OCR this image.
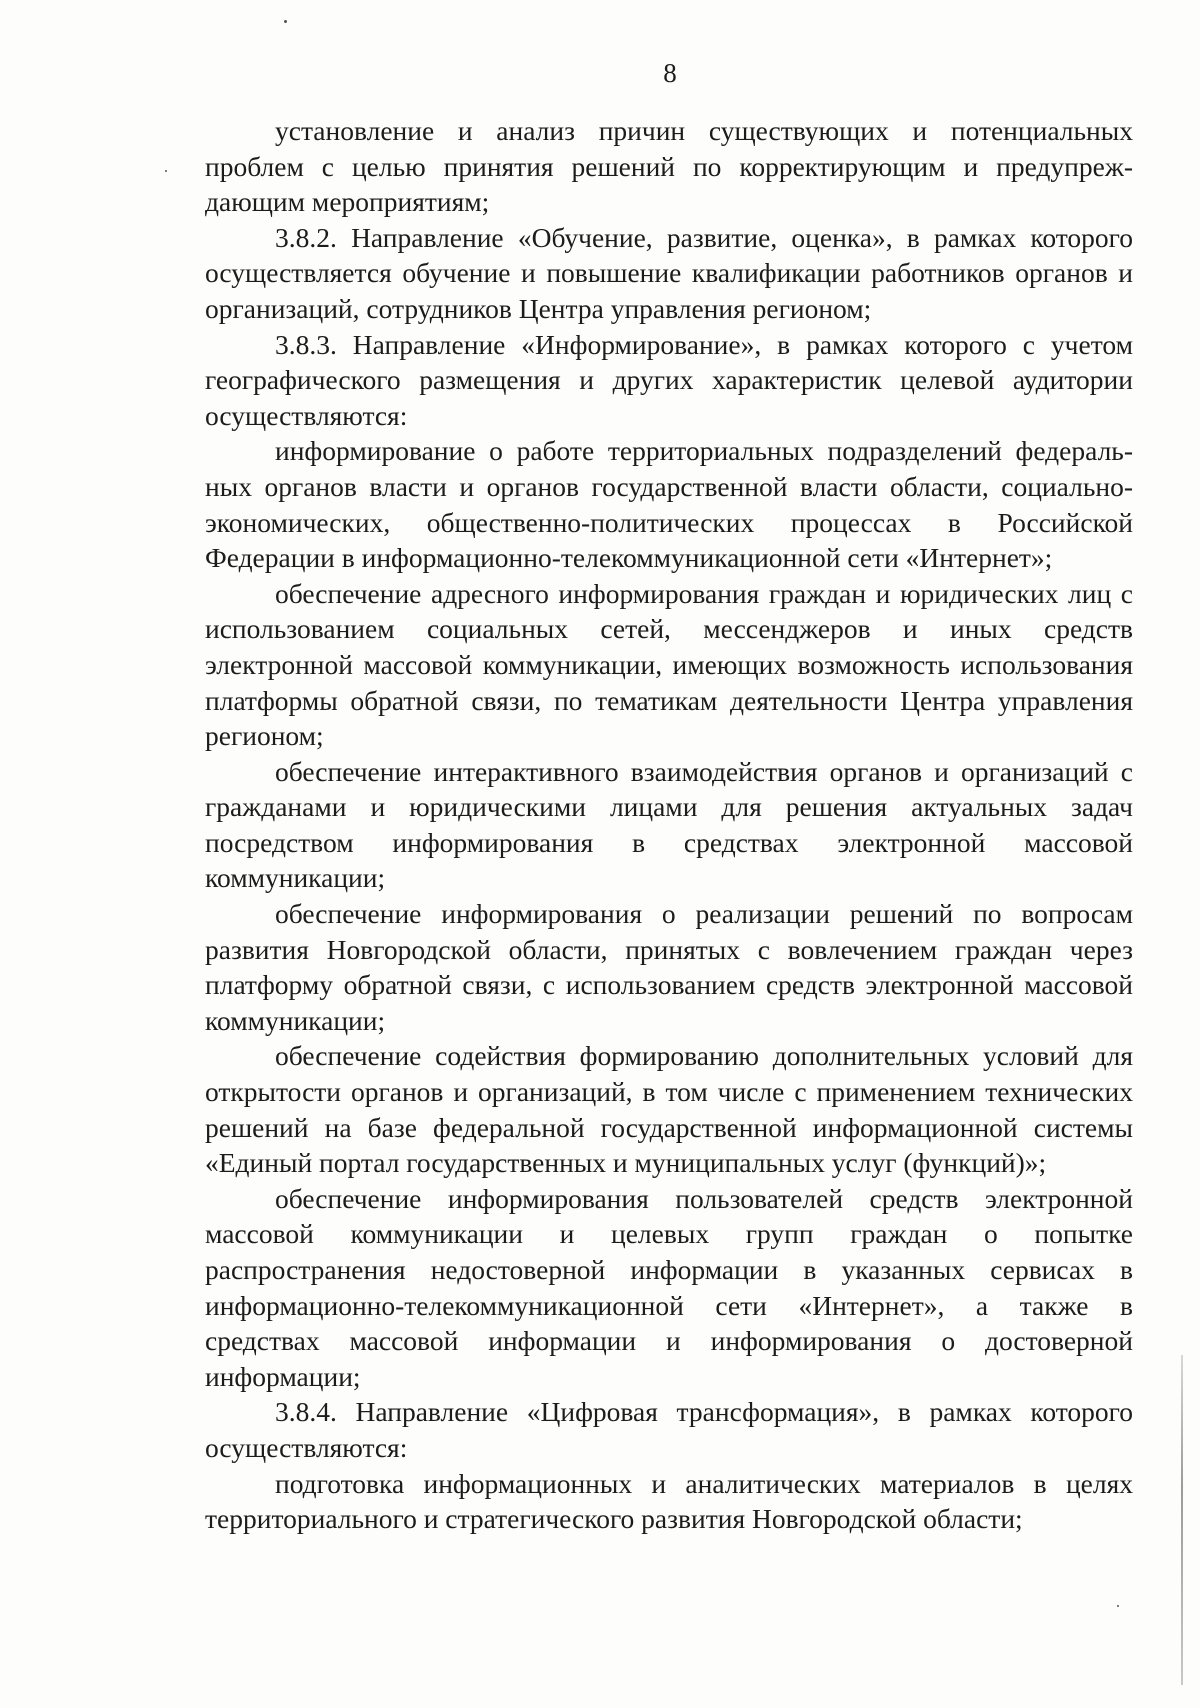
8
установление и анализ причин существующих и потенциальных
проблем с целью принятия решений по корректирующим и предупреж-
дающим мероприятиям;
3.8.2. Направление «Обучение, развитие, оценка», в рамках которого
осуществляется обучение и повышение квалификации работников органов и
организаций, сотрудников Центра управления регионом;
3.8.3. Направление «Информирование», в рамках которого с учетом
географического размещения и других характеристик целевой аудитории
осуществляются:
информирование о работе территориальных подразделений федераль-
ных органов власти и органов государственной власти области, социально-
экономических, общественно-политических процессах в Российской
Федерации в информационно-телекоммуникационной сети «Интернет»;
обеспечение адресного информирования граждан и юридических лиц с
использованием социальных сетей, мессенджеров и иных средств
электронной массовой коммуникации, имеющих возможность использования
платформы обратной связи, по тематикам деятельности Центра управления
регионом;
обеспечение интерактивного взаимодействия органов и организаций с
гражданами и юридическими лицами для решения актуальных задач
посредством информирования в средствах электронной массовой
коммуникации;
обеспечение информирования о реализации решений по вопросам
развития Новгородской области, принятых с вовлечением граждан через
платформу обратной связи, с использованием средств электронной массовой
коммуникации;
обеспечение содействия формированию дополнительных условий для
открытости органов и организаций, в том числе с применением технических
решений на базе федеральной государственной информационной системы
«Единый портал государственных и муниципальных услуг (функций)»;
обеспечение информирования пользователей средств электронной
массовой коммуникации и целевых групп граждан о попытке
распространения недостоверной информации в указанных сервисах в
информационно-телекоммуникационной сети «Интернет», а также в
средствах массовой информации и информирования о достоверной
информации;
3.8.4. Направление «Цифровая трансформация», в рамках которого
осуществляются:
подготовка информационных и аналитических материалов в целях
территориального и стратегического развития Новгородской области;
